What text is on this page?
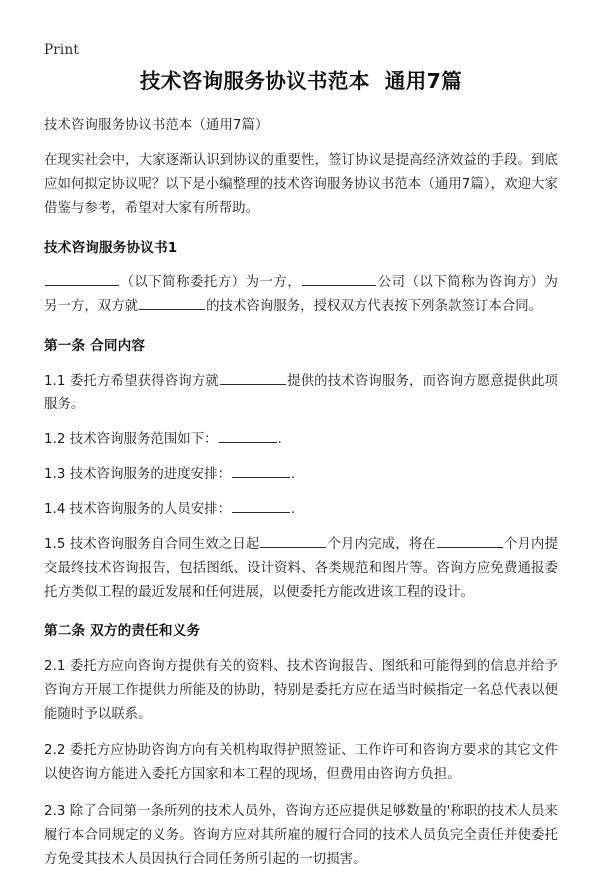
Print
技术咨询服务协议书范本  通用7篇

技术咨询服务协议书范本（通用7篇）

在现实社会中，大家逐渐认识到协议的重要性，签订协议是提高经济效益的手段。到底应如何拟定协议呢？以下是小编整理的技术咨询服务协议书范本（通用7篇），欢迎大家借鉴与参考，希望对大家有所帮助。

技术咨询服务协议书1

（以下简称委托方）为一方，	公司（以下简称为咨询方）为另一方，双方就	的技术咨询服务，授权双方代表按下列条款签订本合同。

第一条 合同内容

1.1 委托方希望获得咨询方就	提供的技术咨询服务，而咨询方愿意提供此项服务。

1.2 技术咨询服务范围如下：	.

1.3 技术咨询服务的进度安排：	.

1.4 技术咨询服务的人员安排：	.

1.5 技术咨询服务自合同生效之日起	个月内完成，将在	个月内提交最终技术咨询报告，包括图纸、设计资料、各类规范和图片等。咨询方应免费通报委托方类似工程的最近发展和任何进展，以便委托方能改进该工程的设计。

第二条 双方的责任和义务

2.1 委托方应向咨询方提供有关的资料、技术咨询报告、图纸和可能得到的信息并给予咨询方开展工作提供力所能及的协助，特别是委托方应在适当时候指定一名总代表以便能随时予以联系。

2.2 委托方应协助咨询方向有关机构取得护照签证、工作许可和咨询方要求的其它文件以使咨询方能进入委托方国家和本工程的现场，但费用由咨询方负担。

2.3 除了合同第一条所列的技术人员外，咨询方还应提供足够数量的'称职的技术人员来履行本合同规定的义务。咨询方应对其所雇的履行合同的技术人员负完全责任并使委托方免受其技术人员因执行合同任务所引起的一切损害。
